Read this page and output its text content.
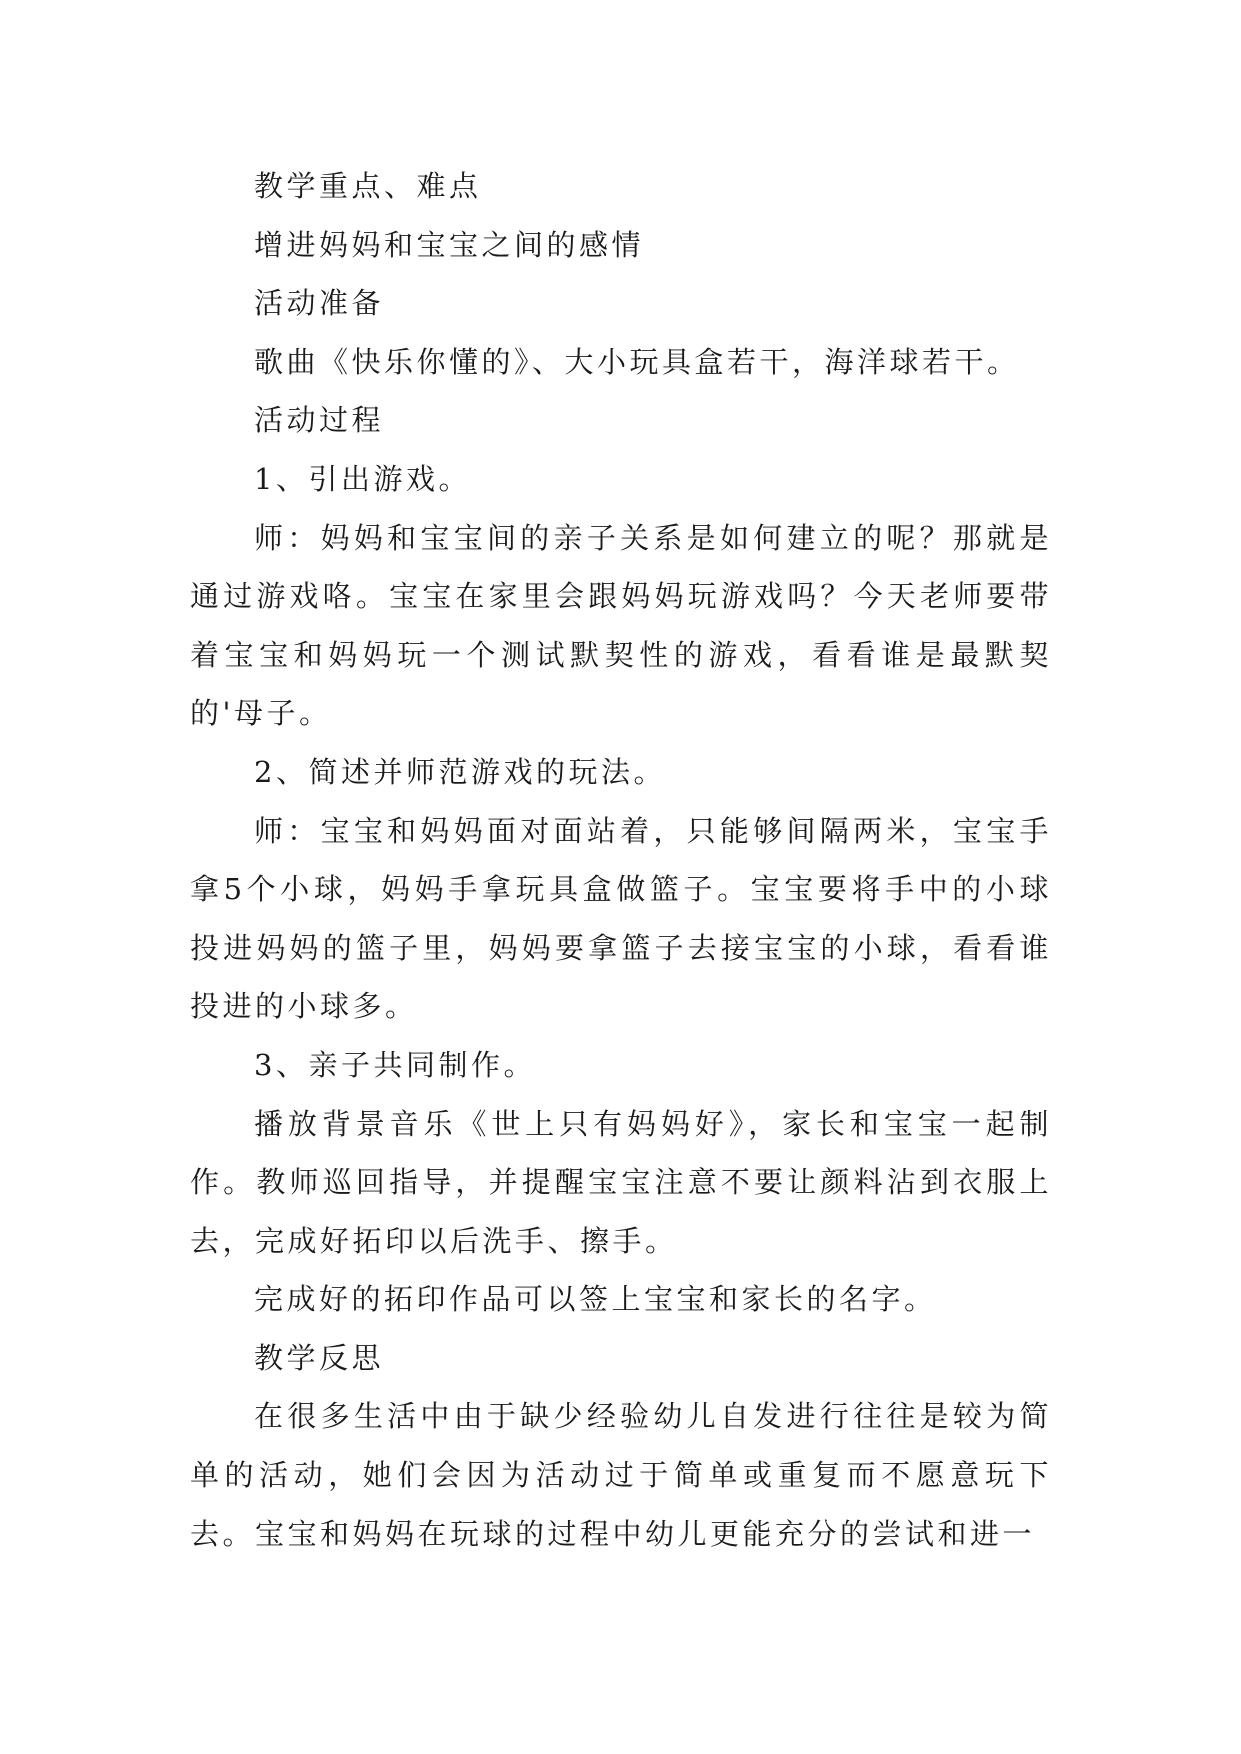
教学重点、难点

增进妈妈和宝宝之间的感情

活动准备

歌曲《快乐你懂的》、大小玩具盒若干，海洋球若干。

活动过程

1、引出游戏。

师：妈妈和宝宝间的亲子关系是如何建立的呢？那就是通过游戏咯。宝宝在家里会跟妈妈玩游戏吗？今天老师要带着宝宝和妈妈玩一个测试默契性的游戏，看看谁是最默契的'母子。

2、简述并师范游戏的玩法。

师：宝宝和妈妈面对面站着，只能够间隔两米，宝宝手拿5个小球，妈妈手拿玩具盒做篮子。宝宝要将手中的小球投进妈妈的篮子里，妈妈要拿篮子去接宝宝的小球，看看谁投进的小球多。

3、亲子共同制作。

播放背景音乐《世上只有妈妈好》，家长和宝宝一起制作。教师巡回指导，并提醒宝宝注意不要让颜料沾到衣服上去，完成好拓印以后洗手、擦手。

完成好的拓印作品可以签上宝宝和家长的名字。

教学反思

在很多生活中由于缺少经验幼儿自发进行往往是较为简单的活动，她们会因为活动过于简单或重复而不愿意玩下去。宝宝和妈妈在玩球的过程中幼儿更能充分的尝试和进一
